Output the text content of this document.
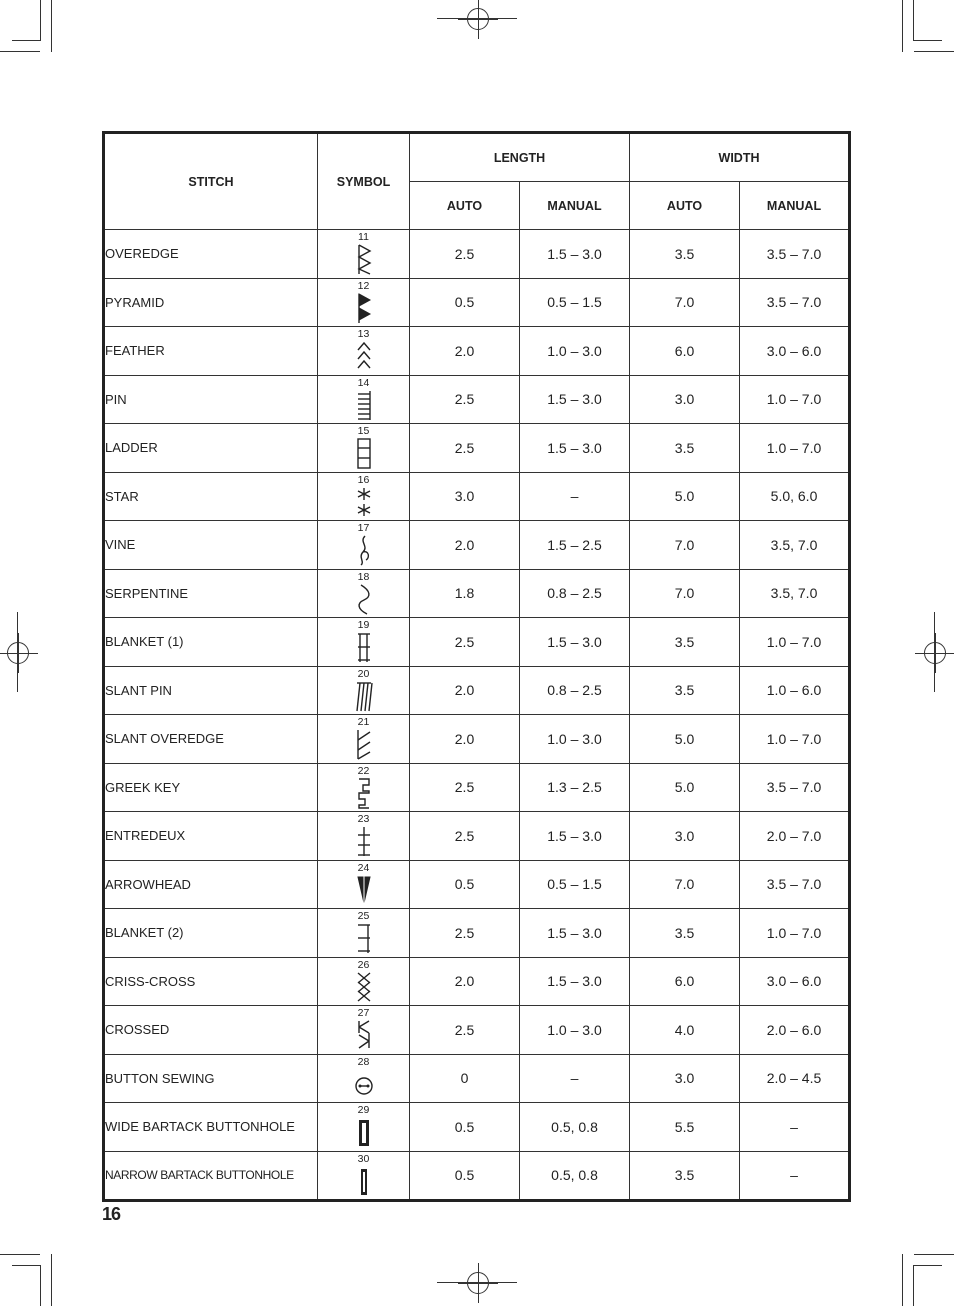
STITCH	SYMBOL	LENGTH		WIDTH	
		AUTO	MANUAL	AUTO	MANUAL
OVEREDGE	11	2.5	1.5 – 3.0	3.5	3.5 – 7.0
PYRAMID	12	0.5	0.5 – 1.5	7.0	3.5 – 7.0
FEATHER	13	2.0	1.0 – 3.0	6.0	3.0 – 6.0
PIN	14	2.5	1.5 – 3.0	3.0	1.0 – 7.0
LADDER	15	2.5	1.5 – 3.0	3.5	1.0 – 7.0
STAR	16	3.0	–	5.0	5.0, 6.0
VINE	17	2.0	1.5 – 2.5	7.0	3.5, 7.0
SERPENTINE	18	1.8	0.8 – 2.5	7.0	3.5, 7.0
BLANKET (1)	19	2.5	1.5 – 3.0	3.5	1.0 – 7.0
SLANT PIN	20	2.0	0.8 – 2.5	3.5	1.0 – 6.0
SLANT OVEREDGE	21	2.0	1.0 – 3.0	5.0	1.0 – 7.0
GREEK KEY	22	2.5	1.3 – 2.5	5.0	3.5 – 7.0
ENTREDEUX	23	2.5	1.5 – 3.0	3.0	2.0 – 7.0
ARROWHEAD	24	0.5	0.5 – 1.5	7.0	3.5 – 7.0
BLANKET (2)	25	2.5	1.5 – 3.0	3.5	1.0 – 7.0
CRISS-CROSS	26	2.0	1.5 – 3.0	6.0	3.0 – 6.0
CROSSED	27	2.5	1.0 – 3.0	4.0	2.0 – 6.0
BUTTON SEWING	28	0	–	3.0	2.0 – 4.5
WIDE BARTACK BUTTONHOLE	29	0.5	0.5, 0.8	5.5	–
NARROW BARTACK BUTTONHOLE	30	0.5	0.5, 0.8	3.5	–
16
